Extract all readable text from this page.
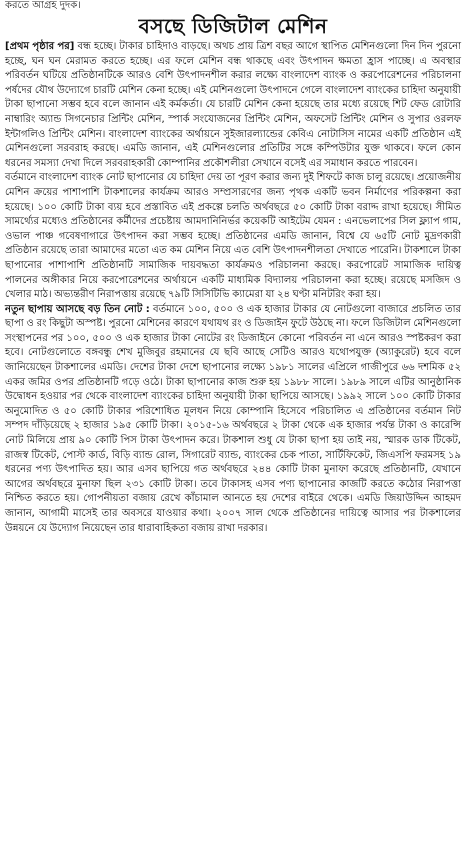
করতে আগ্রহ দুদক।
বসছে ডিজিটাল মেশিন

[প্রথম পৃষ্ঠার পর] বন্ধ হচ্ছে। টাকার চাহিদাও বাড়ছে। অথচ প্রায় ত্রিশ বছর আগে স্থাপিত মেশিনগুলো দিন দিন পুরনো হচ্ছে, ঘন ঘন মেরামত করতে হচ্ছে। এর ফলে মেশিন বন্ধ থাকছে এবং উৎপাদন ক্ষমতা হ্রাস পাচ্ছে। এ অবস্থার পরিবর্তন ঘটিয়ে প্রতিষ্ঠানটিকে আরও বেশি উৎপাদনশীল করার লক্ষ্যে বাংলাদেশ ব্যাংক ও করপোরেশনের পরিচালনা পর্ষদের যৌথ উদ্যোগে চারটি মেশিন কেনা হচ্ছে। এই মেশিনগুলো উৎপাদনে গেলে বাংলাদেশ ব্যাংকের চাহিদা অনুযায়ী টাকা ছাপানো সম্ভব হবে বলে জানান এই কর্মকর্তা। যে চারটি মেশিন কেনা হয়েছে তার মধ্যে রয়েছে শিট ফেড রোটারি নাম্বারিং অ্যান্ড সিগনেচার প্রিন্টিং মেশিন, স্পার্ক সংযোজনের প্রিন্টিং মেশিন, অফসেট প্রিন্টিং মেশিন ও সুপার ওরলফ ইন্টাগলিও প্রিন্টিং মেশিন। বাংলাদেশ ব্যাংকের অর্থায়নে সুইজারল্যান্ডের কেবিএ নোটাসিস নামের একটি প্রতিষ্ঠান এই মেশিনগুলো সরবরাহ করছে। এমডি জানান, এই মেশিনগুলোর প্রতিটির সঙ্গে কম্পিউটার যুক্ত থাকবে। ফলে কোন ধরনের সমস্যা দেখা দিলে সরবরাহকারী কোম্পানির প্রকৌশলীরা সেখানে বসেই এর সমাধান করতে পারবেন।

বর্তমানে বাংলাদেশ ব্যাংক নোট ছাপানোর যে চাহিদা দেয় তা পূরণ করার জন্য দুই শিফটে কাজ চালু রয়েছে। প্রয়োজনীয় মেশিন ক্রয়ের পাশাপাশি টাকশালের কার্যক্রম আরও সম্প্রসারণের জন্য পৃথক একটি ভবন নির্মাণের পরিকল্পনা করা হয়েছে। ১০০ কোটি টাকা ব্যয় হবে প্রস্তাবিত এই প্রকল্পে চলতি অর্থবছরে ৫০ কোটি টাকা বরাদ্দ রাখা হয়েছে। সীমিত সামর্থ্যের মধ্যেও প্রতিষ্ঠানের কর্মীদের প্রচেষ্টায় আমদানিনির্ভর কয়েকটি আইটেম যেমন : এনভেলাপের সিল ফ্ল্যাপ গাম, ওভাল পাঞ্চ গবেষণাগারে উৎপাদন করা সম্ভব হচ্ছে। প্রতিষ্ঠানের এমডি জানান, বিশ্বে যে ৬৫টি নোট মুদ্রণকারী প্রতিষ্ঠান রয়েছে তারা আমাদের মতো এত কম মেশিন নিয়ে এত বেশি উৎপাদনশীলতা দেখাতে পারেনি। টাকশালে টাকা ছাপানোর পাশাপাশি প্রতিষ্ঠানটি সামাজিক দায়বদ্ধতা কার্যক্রমও পরিচালনা করছে। করপোরেট সামাজিক দায়িত্ব পালনের অঙ্গীকার নিয়ে করপোরেশনের অর্থায়নে একটি মাধ্যমিক বিদ্যালয় পরিচালনা করা হচ্ছে। রয়েছে মসজিদ ও খেলার মাঠ। অভ্যন্তরীণ নিরাপত্তায় রয়েছে ৭৯টি সিসিটিভি ক্যামেরা যা ২৪ ঘণ্টা মনিটরিং করা হয়।

নতুন ছাপায় আসছে বড় তিন নোট : বর্তমানে ১০০, ৫০০ ও এক হাজার টাকার যে নোটগুলো বাজারে প্রচলিত তার ছাপা ও রং কিছুটা অস্পষ্ট। পুরনো মেশিনের কারণে যথাযথ রং ও ডিজাইন ফুটে উঠছে না। ফলে ডিজিটাল মেশিনগুলো সংস্থাপনের পর ১০০, ৫০০ ও এক হাজার টাকা নোটের রং ডিজাইনে কোনো পরিবর্তন না এনে আরও স্পষ্টকরণ করা হবে। নোটগুলোতে বঙ্গবন্ধু শেখ মুজিবুর রহমানের যে ছবি আছে সেটিও আরও যথোপযুক্ত (অ্যাকুরেট) হবে বলে জানিয়েছেন টাকশালের এমডি। দেশের টাকা দেশে ছাপানোর লক্ষ্যে ১৯৮১ সালের এপ্রিলে গাজীপুরে ৬৬ দশমিক ৫২ একর জমির ওপর প্রতিষ্ঠানটি গড়ে ওঠে। টাকা ছাপানোর কাজ শুরু হয় ১৯৮৮ সালে। ১৯৮৯ সালে এটির আনুষ্ঠানিক উদ্বোধন হওয়ার পর থেকে বাংলাদেশ ব্যাংকের চাহিদা অনুযায়ী টাকা ছাপিয়ে আসছে। ১৯৯২ সালে ১০০ কোটি টাকার অনুমোদিত ও ৫০ কোটি টাকার পরিশোধিত মূলধন নিয়ে কোম্পানি হিসেবে পরিচালিত এ প্রতিষ্ঠানের বর্তমান নিট সম্পদ দাঁড়িয়েছে ২ হাজার ১৯৫ কোটি টাকা। ২০১৫-১৬ অর্থবছরে ২ টাকা থেকে এক হাজার পর্যন্ত টাকা ও কারেন্সি নোট মিলিয়ে প্রায় ৯০ কোটি পিস টাকা উৎপাদন করে। টাকশাল শুধু যে টাকা ছাপা হয় তাই নয়, স্মারক ডাক টিকেট, রাজস্ব টিকেট, পোস্ট কার্ড, বিড়ি ব্যান্ড রোল, সিগারেট ব্যান্ড, ব্যাংকের চেক পাতা, সার্টিফিকেট, জিএসপি ফরমসহ ১৯ ধরনের পণ্য উৎপাদিত হয়। আর এসব ছাপিয়ে গত অর্থবছরে ২৪৪ কোটি টাকা মুনাফা করেছে প্রতিষ্ঠানটি, যেখানে আগের অর্থবছরে মুনাফা ছিল ২৩১ কোটি টাকা। তবে টাকাসহ এসব পণ্য ছাপানোর কাজটি করতে কঠোর নিরাপত্তা নিশ্চিত করতে হয়। গোপনীয়তা বজায় রেখে কাঁচামাল আনতে হয় দেশের বাইরে থেকে। এমডি জিয়াউদ্দিন আহমদ জানান, আগামী মাসেই তার অবসরে যাওয়ার কথা। ২০০৭ সাল থেকে প্রতিষ্ঠানের দায়িত্বে আসার পর টাকশালের উন্নয়নে যে উদ্যোগ নিয়েছেন তার ধারাবাহিকতা বজায় রাখা দরকার।
